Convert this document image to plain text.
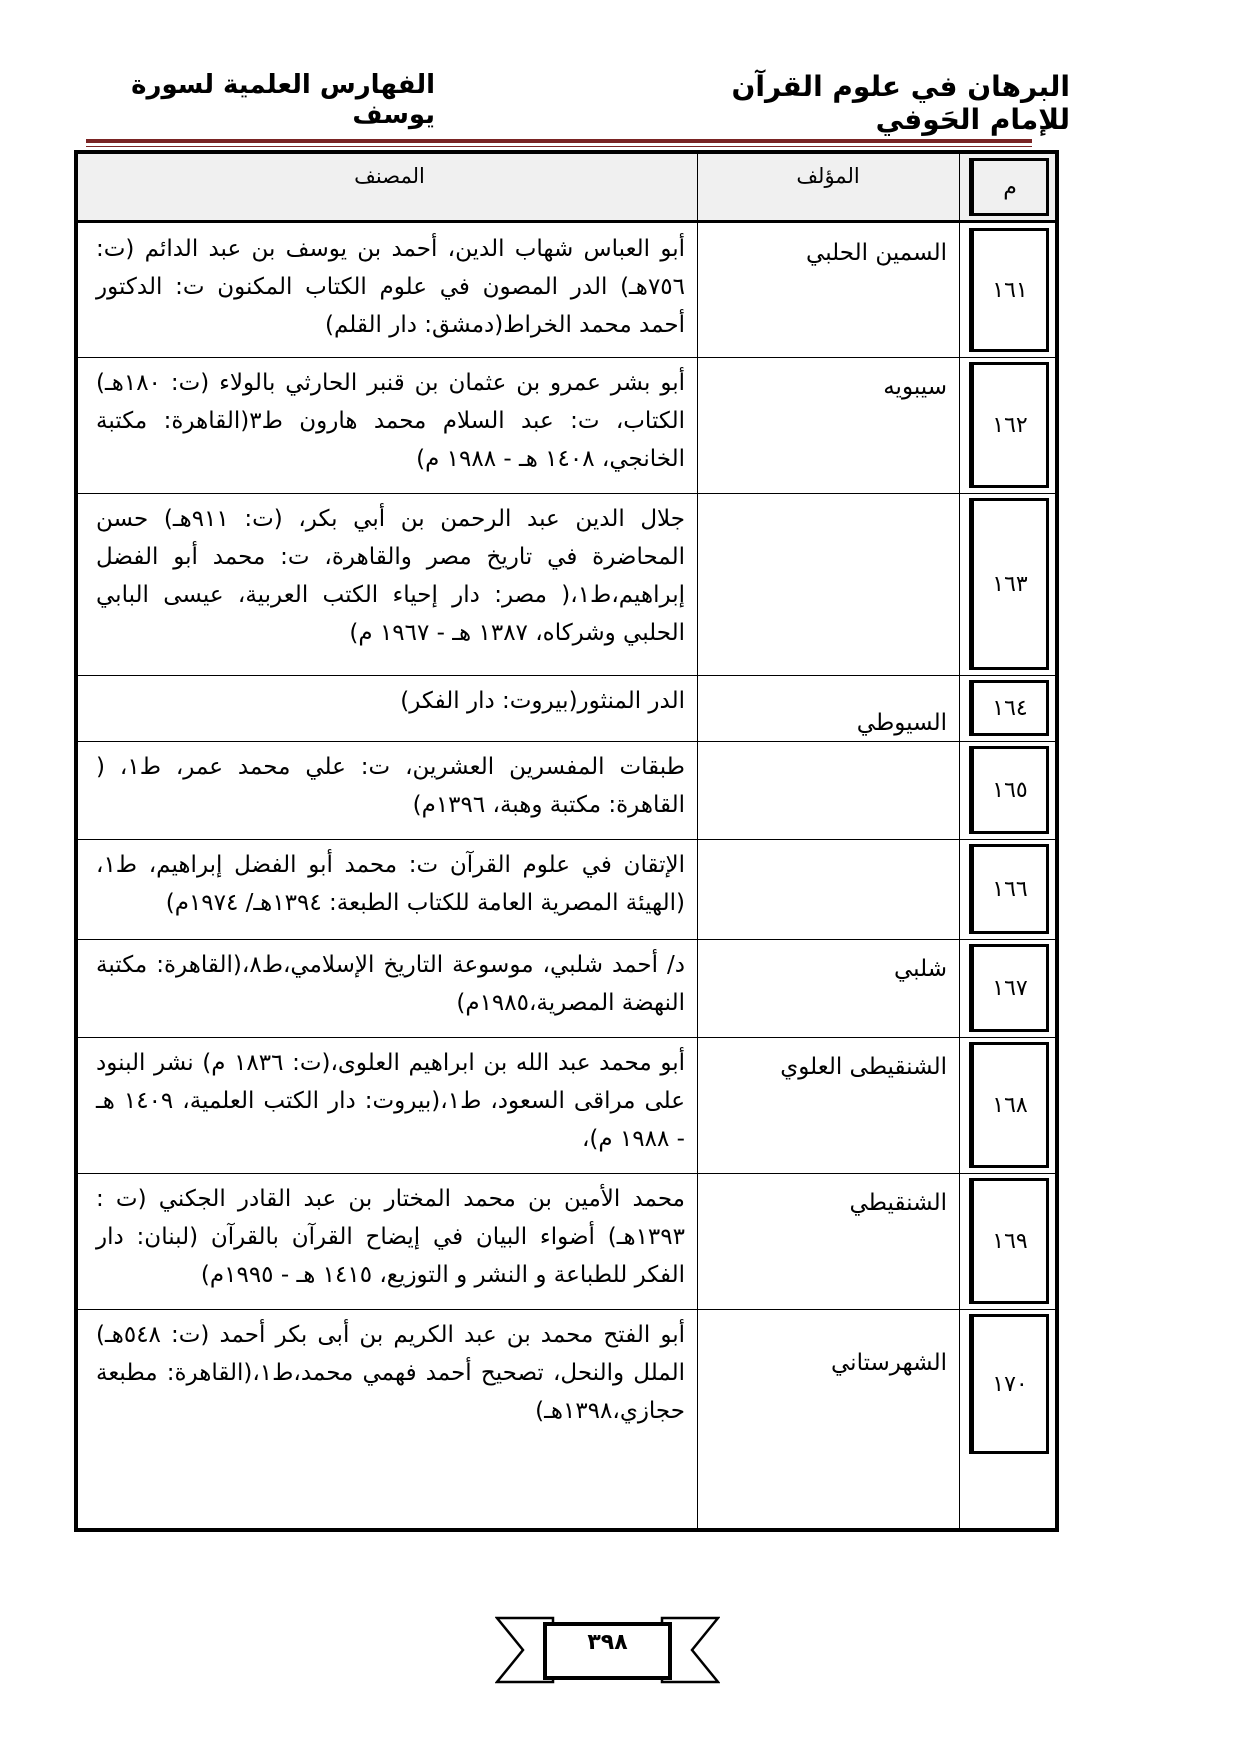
البرهان في علوم القرآن للإمام الحَوفي
الفهارس العلمية لسورة يوسف
م
المؤلف
المصنف
١٦١
السمين الحلبي
أبو العباس شهاب الدين، أحمد بن يوسف بن عبد الدائم (ت: ٧٥٦هـ) الدر المصون في علوم الكتاب المكنون ت: الدكتور أحمد محمد الخراط(دمشق: دار القلم)
١٦٢
سيبويه
أبو بشر عمرو بن عثمان بن قنبر الحارثي بالولاء (ت: ١٨٠هـ) الكتاب، ت: عبد السلام محمد هارون ط٣(القاهرة: مكتبة الخانجي، ١٤٠٨ هـ - ١٩٨٨ م)
١٦٣
جلال الدين عبد الرحمن بن أبي بكر، (ت: ٩١١هـ) حسن المحاضرة في تاريخ مصر والقاهرة، ت: محمد أبو الفضل إبراهيم،ط١،( مصر: دار إحياء الكتب العربية، عيسى البابي الحلبي وشركاه، ١٣٨٧ هـ - ١٩٦٧ م)
١٦٤
الدر المنثور(بيروت: دار الفكر)
السيوطي
١٦٥
طبقات المفسرين العشرين، ت: علي محمد عمر، ط١، ( القاهرة: مكتبة وهبة، ١٣٩٦م)
١٦٦
الإتقان في علوم القرآن ت: محمد أبو الفضل إبراهيم، ط١، (الهيئة المصرية العامة للكتاب الطبعة: ١٣٩٤هـ/ ١٩٧٤م)
١٦٧
شلبي
د/ أحمد شلبي، موسوعة التاريخ الإسلامي،ط٨،(القاهرة: مكتبة النهضة المصرية،١٩٨٥م)
١٦٨
الشنقيطى العلوي
أبو محمد عبد الله بن ابراهيم العلوى،(ت: ١٨٣٦ م) نشر البنود على مراقى السعود، ط١،(بيروت: دار الكتب العلمية، ١٤٠٩ هـ - ١٩٨٨ م)،
١٦٩
الشنقيطي
محمد الأمين بن محمد المختار بن عبد القادر الجكني (ت : ١٣٩٣هـ) أضواء البيان في إيضاح القرآن بالقرآن (لبنان: دار الفكر للطباعة و النشر و التوزيع، ١٤١٥ هـ - ١٩٩٥م)
١٧٠
الشهرستاني
أبو الفتح محمد بن عبد الكريم بن أبى بكر أحمد (ت: ٥٤٨هـ) الملل والنحل، تصحيح أحمد فهمي محمد،ط١،(القاهرة: مطبعة حجازي،١٣٩٨هـ)
٣٩٨
